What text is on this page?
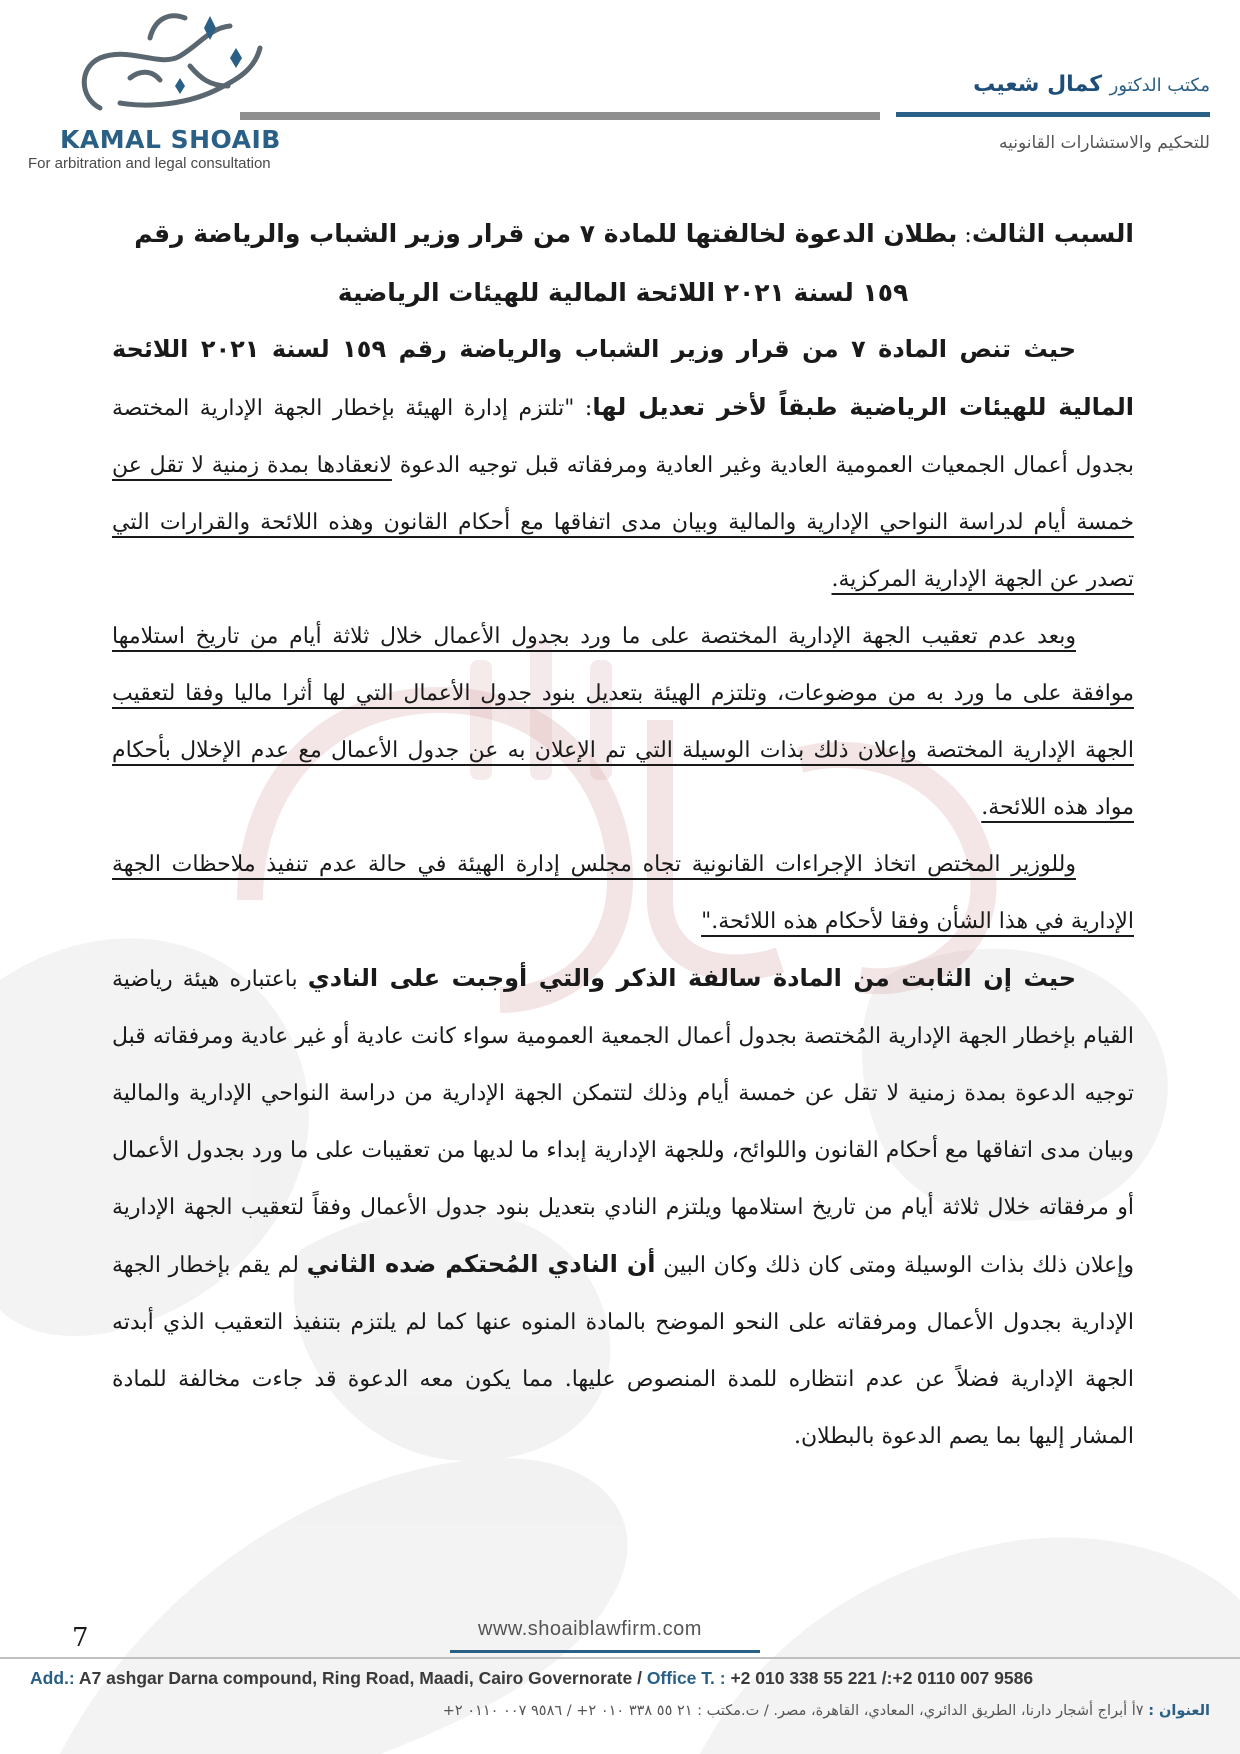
KAMAL SHOAIB
For arbitration and legal consultation
مكتب الدكتور كمال شعيب
للتحكيم والاستشارات القانونيه

السبب الثالث: بطلان الدعوة لخالفتها للمادة ٧ من قرار وزير الشباب والرياضة رقم

١٥٩ لسنة ٢٠٢١ اللائحة المالية للهيئات الرياضية

حيث تنص المادة ٧ من قرار وزير الشباب والرياضة رقم ١٥٩ لسنة ٢٠٢١ اللائحة المالية للهيئات الرياضية طبقاً لأخر تعديل لها: "تلتزم إدارة الهيئة بإخطار الجهة الإدارية المختصة بجدول أعمال الجمعيات العمومية العادية وغير العادية ومرفقاته قبل توجيه الدعوة لانعقادها بمدة زمنية لا تقل عن خمسة أيام لدراسة النواحي الإدارية والمالية وبيان مدى اتفاقها مع أحكام القانون وهذه اللائحة والقرارات التي تصدر عن الجهة الإدارية المركزية.

وبعد عدم تعقيب الجهة الإدارية المختصة على ما ورد بجدول الأعمال خلال ثلاثة أيام من تاريخ استلامها موافقة على ما ورد به من موضوعات، وتلتزم الهيئة بتعديل بنود جدول الأعمال التي لها أثرا ماليا وفقا لتعقيب الجهة الإدارية المختصة وإعلان ذلك بذات الوسيلة التي تم الإعلان به عن جدول الأعمال مع عدم الإخلال بأحكام مواد هذه اللائحة.

وللوزير المختص اتخاذ الإجراءات القانونية تجاه مجلس إدارة الهيئة في حالة عدم تنفيذ ملاحظات الجهة الإدارية في هذا الشأن وفقا لأحكام هذه اللائحة."

حيث إن الثابت من المادة سالفة الذكر والتي أوجبت على النادي باعتباره هيئة رياضية القيام بإخطار الجهة الإدارية المُختصة بجدول أعمال الجمعية العمومية سواء كانت عادية أو غير عادية ومرفقاته قبل توجيه الدعوة بمدة زمنية لا تقل عن خمسة أيام وذلك لتتمكن الجهة الإدارية من دراسة النواحي الإدارية والمالية وبيان مدى اتفاقها مع أحكام القانون واللوائح، وللجهة الإدارية إبداء ما لديها من تعقيبات على ما ورد بجدول الأعمال أو مرفقاته خلال ثلاثة أيام من تاريخ استلامها ويلتزم النادي بتعديل بنود جدول الأعمال وفقاً لتعقيب الجهة الإدارية وإعلان ذلك بذات الوسيلة ومتى كان ذلك وكان البين أن النادي المُحتكم ضده الثاني لم يقم بإخطار الجهة الإدارية بجدول الأعمال ومرفقاته على النحو الموضح بالمادة المنوه عنها كما لم يلتزم بتنفيذ التعقيب الذي أبدته الجهة الإدارية فضلاً عن عدم انتظاره للمدة المنصوص عليها. مما يكون معه الدعوة قد جاءت مخالفة للمادة المشار إليها بما يصم الدعوة بالبطلان.

7	www.shoaiblawfirm.com
Add.: A7 ashgar Darna compound, Ring Road, Maadi, Cairo Governorate / Office T. : +2 010 338 55 221 /:+2 0110 007 9586
العنوان : ٧أ أبراج أشجار دارنا، الطريق الدائري، المعادي، القاهرة، مصر. / ت.مكتب : ٢١ ٥٥ ٣٣٨ ٠١٠ ٢+ / ٩٥٨٦ ٠٠٧ ٠١١٠ ٢+
